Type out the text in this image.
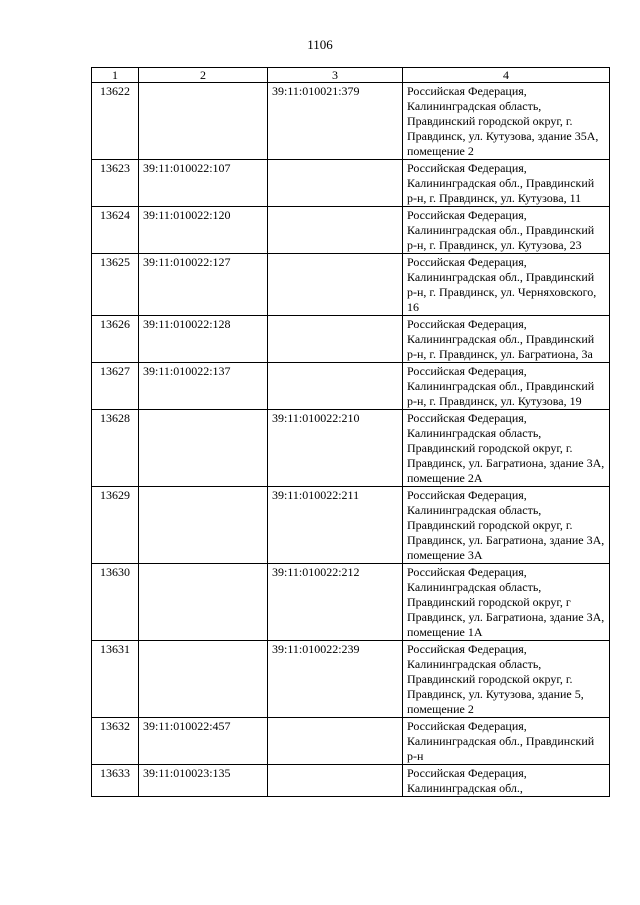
1106
1	2	3	4
13622		39:11:010021:379	Российская Федерация, Калининградская область, Правдинский городской округ, г. Правдинск, ул. Кутузова, здание 35А, помещение 2
13623	39:11:010022:107		Российская Федерация, Калининградская обл., Правдинский р-н, г. Правдинск, ул. Кутузова, 11
13624	39:11:010022:120		Российская Федерация, Калининградская обл., Правдинский р-н, г. Правдинск, ул. Кутузова, 23
13625	39:11:010022:127		Российская Федерация, Калининградская обл., Правдинский р-н, г. Правдинск, ул. Черняховского, 16
13626	39:11:010022:128		Российская Федерация, Калининградская обл., Правдинский р-н, г. Правдинск, ул. Багратиона, 3а
13627	39:11:010022:137		Российская Федерация, Калининградская обл., Правдинский р-н, г. Правдинск, ул. Кутузова, 19
13628		39:11:010022:210	Российская Федерация, Калининградская область, Правдинский городской округ, г. Правдинск, ул. Багратиона, здание 3А, помещение 2А
13629		39:11:010022:211	Российская Федерация, Калининградская область, Правдинский городской округ, г. Правдинск, ул. Багратиона, здание 3А, помещение 3А
13630		39:11:010022:212	Российская Федерация, Калининградская область, Правдинский городской округ, г Правдинск, ул. Багратиона, здание 3А, помещение 1А
13631		39:11:010022:239	Российская Федерация, Калининградская область, Правдинский городской округ, г. Правдинск, ул. Кутузова, здание 5, помещение 2
13632	39:11:010022:457		Российская Федерация, Калининградская обл., Правдинский р-н
13633	39:11:010023:135		Российская Федерация, Калининградская обл.,
